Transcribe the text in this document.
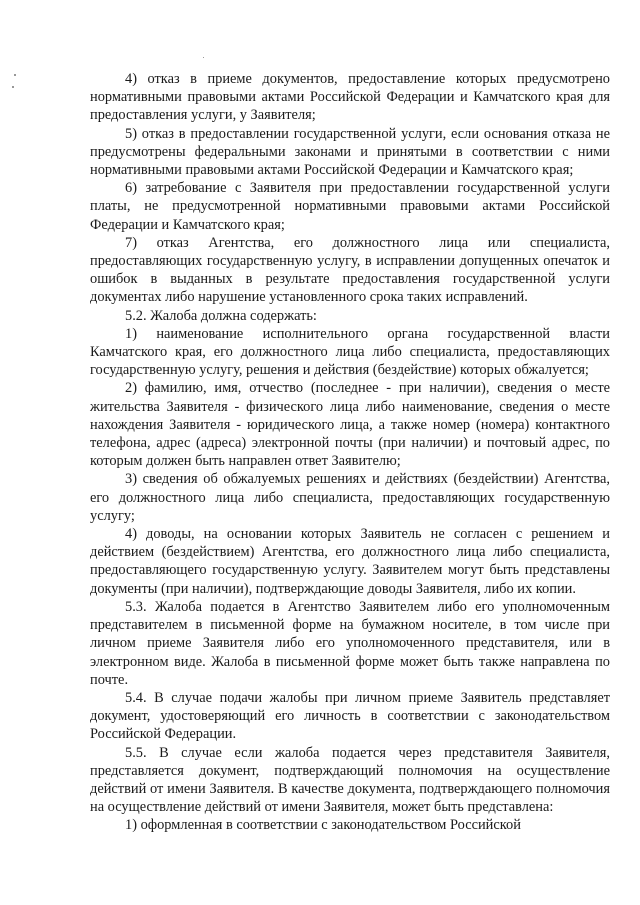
4) отказ в приеме документов, предоставление которых предусмотрено нормативными правовыми актами Российской Федерации и Камчатского края для предоставления услуги, у Заявителя;

5) отказ в предоставлении государственной услуги, если основания отказа не предусмотрены федеральными законами и принятыми в соответствии с ними нормативными правовыми актами Российской Федерации и Камчатского края;

6) затребование с Заявителя при предоставлении государственной услуги платы, не предусмотренной нормативными правовыми актами Российской Федерации и Камчатского края;

7) отказ Агентства, его должностного лица или специалиста, предоставляющих государственную услугу, в исправлении допущенных опечаток и ошибок в выданных в результате предоставления государственной услуги документах либо нарушение установленного срока таких исправлений.

5.2. Жалоба должна содержать:

1) наименование исполнительного органа государственной власти Камчатского края, его должностного лица либо специалиста, предоставляющих государственную услугу, решения и действия (бездействие) которых обжалуется;

2) фамилию, имя, отчество (последнее - при наличии), сведения о месте жительства Заявителя - физического лица либо наименование, сведения о месте нахождения Заявителя - юридического лица, а также номер (номера) контактного телефона, адрес (адреса) электронной почты (при наличии) и почтовый адрес, по которым должен быть направлен ответ Заявителю;

3) сведения об обжалуемых решениях и действиях (бездействии) Агентства, его должностного лица либо специалиста, предоставляющих государственную услугу;

4) доводы, на основании которых Заявитель не согласен с решением и действием (бездействием) Агентства, его должностного лица либо специалиста, предоставляющего государственную услугу. Заявителем могут быть представлены документы (при наличии), подтверждающие доводы Заявителя, либо их копии.

5.3. Жалоба подается в Агентство Заявителем либо его уполномоченным представителем в письменной форме на бумажном носителе, в том числе при личном приеме Заявителя либо его уполномоченного представителя, или в электронном виде. Жалоба в письменной форме может быть также направлена по почте.

5.4. В случае подачи жалобы при личном приеме Заявитель представляет документ, удостоверяющий его личность в соответствии с законодательством Российской Федерации.

5.5. В случае если жалоба подается через представителя Заявителя, представляется документ, подтверждающий полномочия на осуществление действий от имени Заявителя. В качестве документа, подтверждающего полномочия на осуществление действий от имени Заявителя, может быть представлена:

1) оформленная в соответствии с законодательством Российской
